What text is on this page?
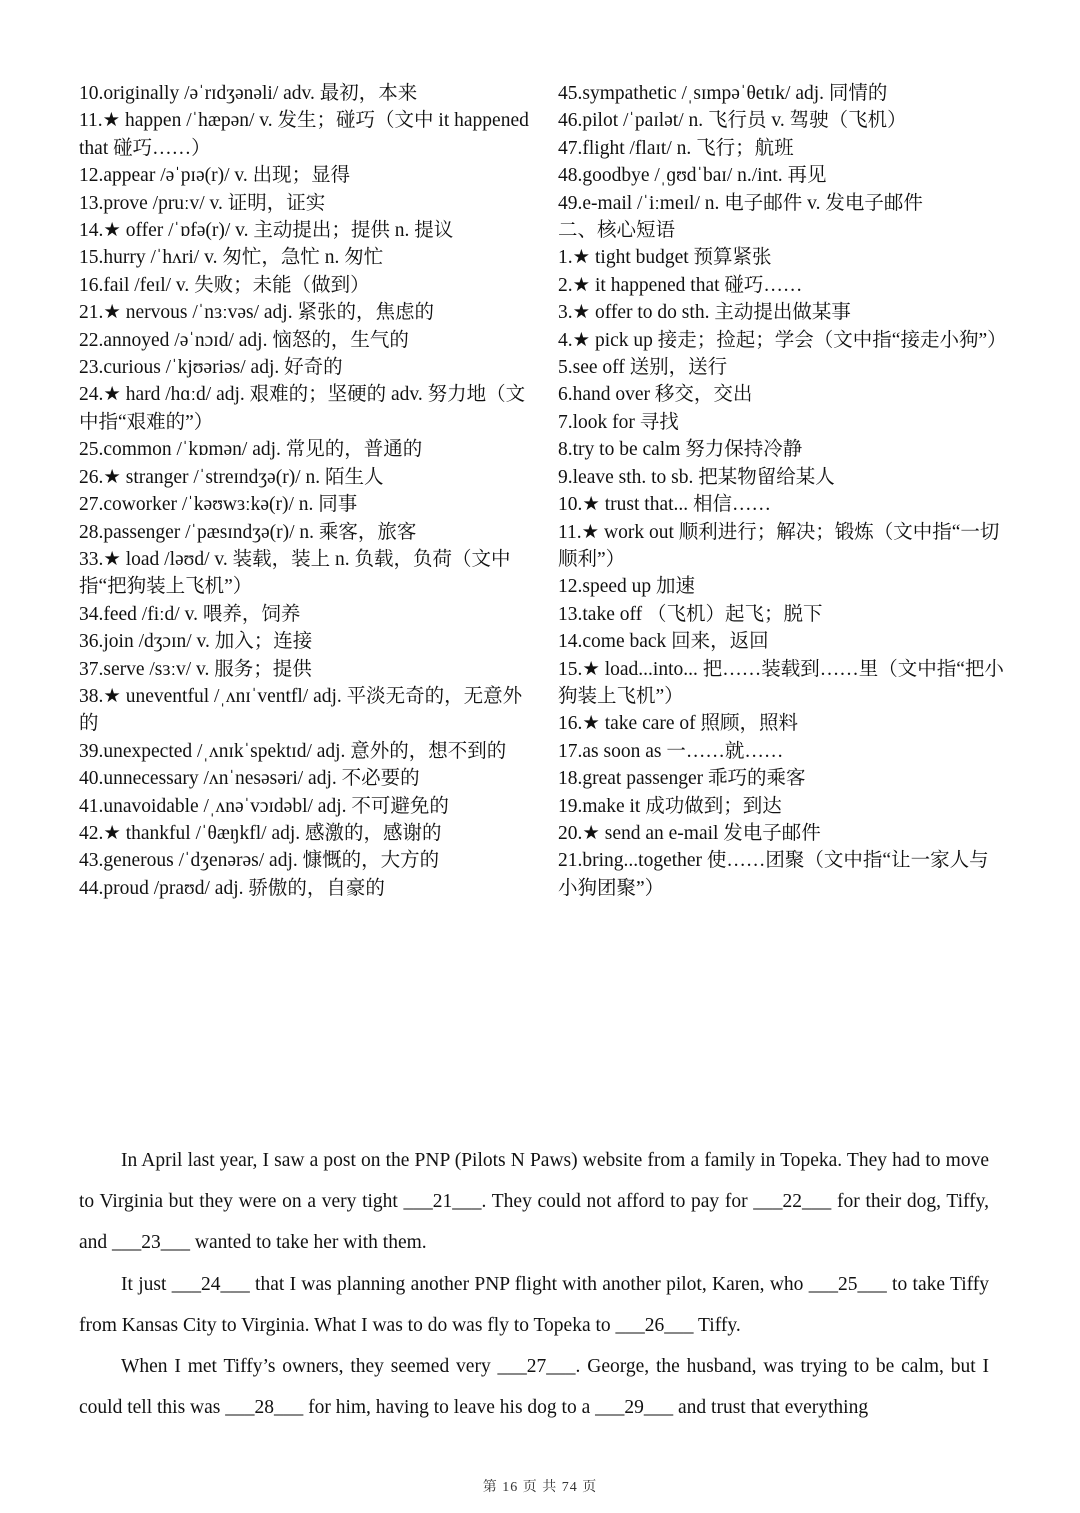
10.originally /əˈrɪdʒənəli/ adv. 最初，本来

11.★ happen /ˈhæpən/ v. 发生；碰巧（文中 it happened that 碰巧……）

12.appear /əˈpɪə(r)/ v. 出现；显得

13.prove /pruːv/ v. 证明，证实

14.★ offer /ˈɒfə(r)/ v. 主动提出；提供 n. 提议

15.hurry /ˈhʌri/ v. 匆忙，急忙 n. 匆忙

16.fail /feɪl/ v. 失败；未能（做到）

21.★ nervous /ˈnɜːvəs/ adj. 紧张的，焦虑的

22.annoyed /əˈnɔɪd/ adj. 恼怒的，生气的

23.curious /ˈkjʊəriəs/ adj. 好奇的

24.★ hard /hɑːd/ adj. 艰难的；坚硬的 adv. 努力地（文中指“艰难的”）

25.common /ˈkɒmən/ adj. 常见的，普通的

26.★ stranger /ˈstreɪndʒə(r)/ n. 陌生人

27.coworker /ˈkəʊwɜːkə(r)/ n. 同事

28.passenger /ˈpæsɪndʒə(r)/ n. 乘客，旅客

33.★ load /ləʊd/ v. 装载，装上 n. 负载，负荷（文中指“把狗装上飞机”）

34.feed /fiːd/ v. 喂养，饲养

36.join /dʒɔɪn/ v. 加入；连接

37.serve /sɜːv/ v. 服务；提供

38.★ uneventful /ˌʌnɪˈventfl/ adj. 平淡无奇的，无意外的

39.unexpected /ˌʌnɪkˈspektɪd/ adj. 意外的，想不到的

40.unnecessary /ʌnˈnesəsəri/ adj. 不必要的

41.unavoidable /ˌʌnəˈvɔɪdəbl/ adj. 不可避免的

42.★ thankful /ˈθæŋkfl/ adj. 感激的，感谢的

43.generous /ˈdʒenərəs/ adj. 慷慨的，大方的

44.proud /praʊd/ adj. 骄傲的，自豪的

45.sympathetic /ˌsɪmpəˈθetɪk/ adj. 同情的

46.pilot /ˈpaɪlət/ n. 飞行员 v. 驾驶（飞机）

47.flight /flaɪt/ n. 飞行；航班

48.goodbye /ˌɡʊdˈbaɪ/ n./int. 再见

49.e-mail /ˈiːmeɪl/ n. 电子邮件 v. 发电子邮件

二、核心短语

1.★ tight budget 预算紧张

2.★ it happened that 碰巧……

3.★ offer to do sth. 主动提出做某事

4.★ pick up 接走；捡起；学会（文中指“接走小狗”）

5.see off 送别，送行

6.hand over 移交，交出

7.look for 寻找

8.try to be calm 努力保持冷静

9.leave sth. to sb. 把某物留给某人

10.★ trust that... 相信……

11.★ work out 顺利进行；解决；锻炼（文中指“一切顺利”）

12.speed up 加速

13.take off （飞机）起飞；脱下

14.come back 回来，返回

15.★ load...into... 把……装载到……里（文中指“把小狗装上飞机”）

16.★ take care of 照顾，照料

17.as soon as 一……就……

18.great passenger 乖巧的乘客

19.make it 成功做到；到达

20.★ send an e-mail 发电子邮件

21.bring...together 使……团聚（文中指“让一家人与小狗团聚”）

In April last year, I saw a post on the PNP (Pilots N Paws) website from a family in Topeka. They had to move to Virginia but they were on a very tight ___21___. They could not afford to pay for ___22___ for their dog, Tiffy, and ___23___ wanted to take her with them.

It just ___24___ that I was planning another PNP flight with another pilot, Karen, who ___25___ to take Tiffy from Kansas City to Virginia. What I was to do was fly to Topeka to ___26___ Tiffy.

When I met Tiffy’s owners, they seemed very ___27___. George, the husband, was trying to be calm, but I could tell this was ___28___ for him, having to leave his dog to a ___29___ and trust that everything

第 16 页 共 74 页
